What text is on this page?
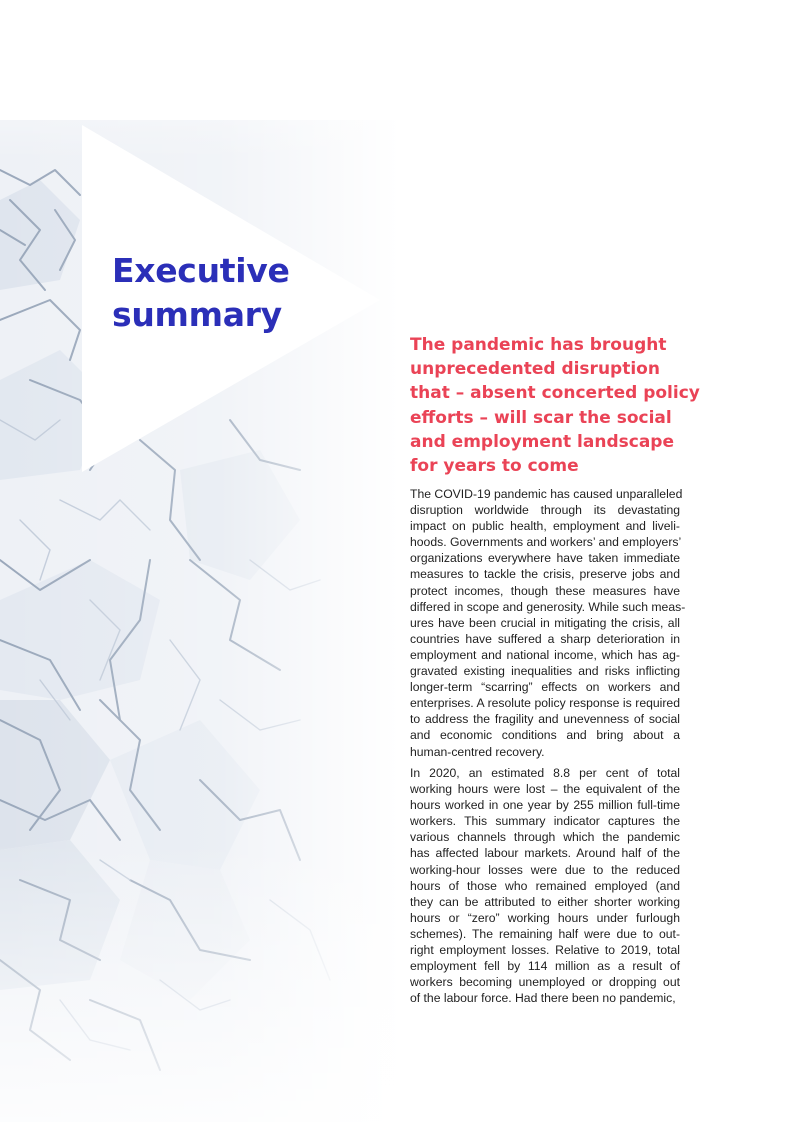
Executive
summary
The pandemic has brought
unprecedented disruption
that – absent concerted policy
efforts – will scar the social
and employment landscape
for years to come
The COVID-19 pandemic has caused unparalleled
disruption worldwide through its devastating
impact on public health, employment and liveli-
hoods. Governments and workers’ and employers’
organizations everywhere have taken immediate
measures to tackle the crisis, preserve jobs and
protect incomes, though these measures have
differed in scope and generosity. While such meas-
ures have been crucial in mitigating the crisis, all
countries have suffered a sharp deterioration in
employment and national income, which has ag-
gravated existing inequalities and risks inflicting
longer-term “scarring” effects on workers and
enterprises. A resolute policy response is required
to address the fragility and unevenness of social
and economic conditions and bring about a
human-centred recovery.
In 2020, an estimated 8.8 per cent of total
working hours were lost – the equivalent of the
hours worked in one year by 255 million full-time
workers. This summary indicator captures the
various channels through which the pandemic
has affected labour markets. Around half of the
working-hour losses were due to the reduced
hours of those who remained employed (and
they can be attributed to either shorter working
hours or “zero” working hours under furlough
schemes). The remaining half were due to out-
right employment losses. Relative to 2019, total
employment fell by 114 million as a result of
workers becoming unemployed or dropping out
of the labour force. Had there been no pandemic,
